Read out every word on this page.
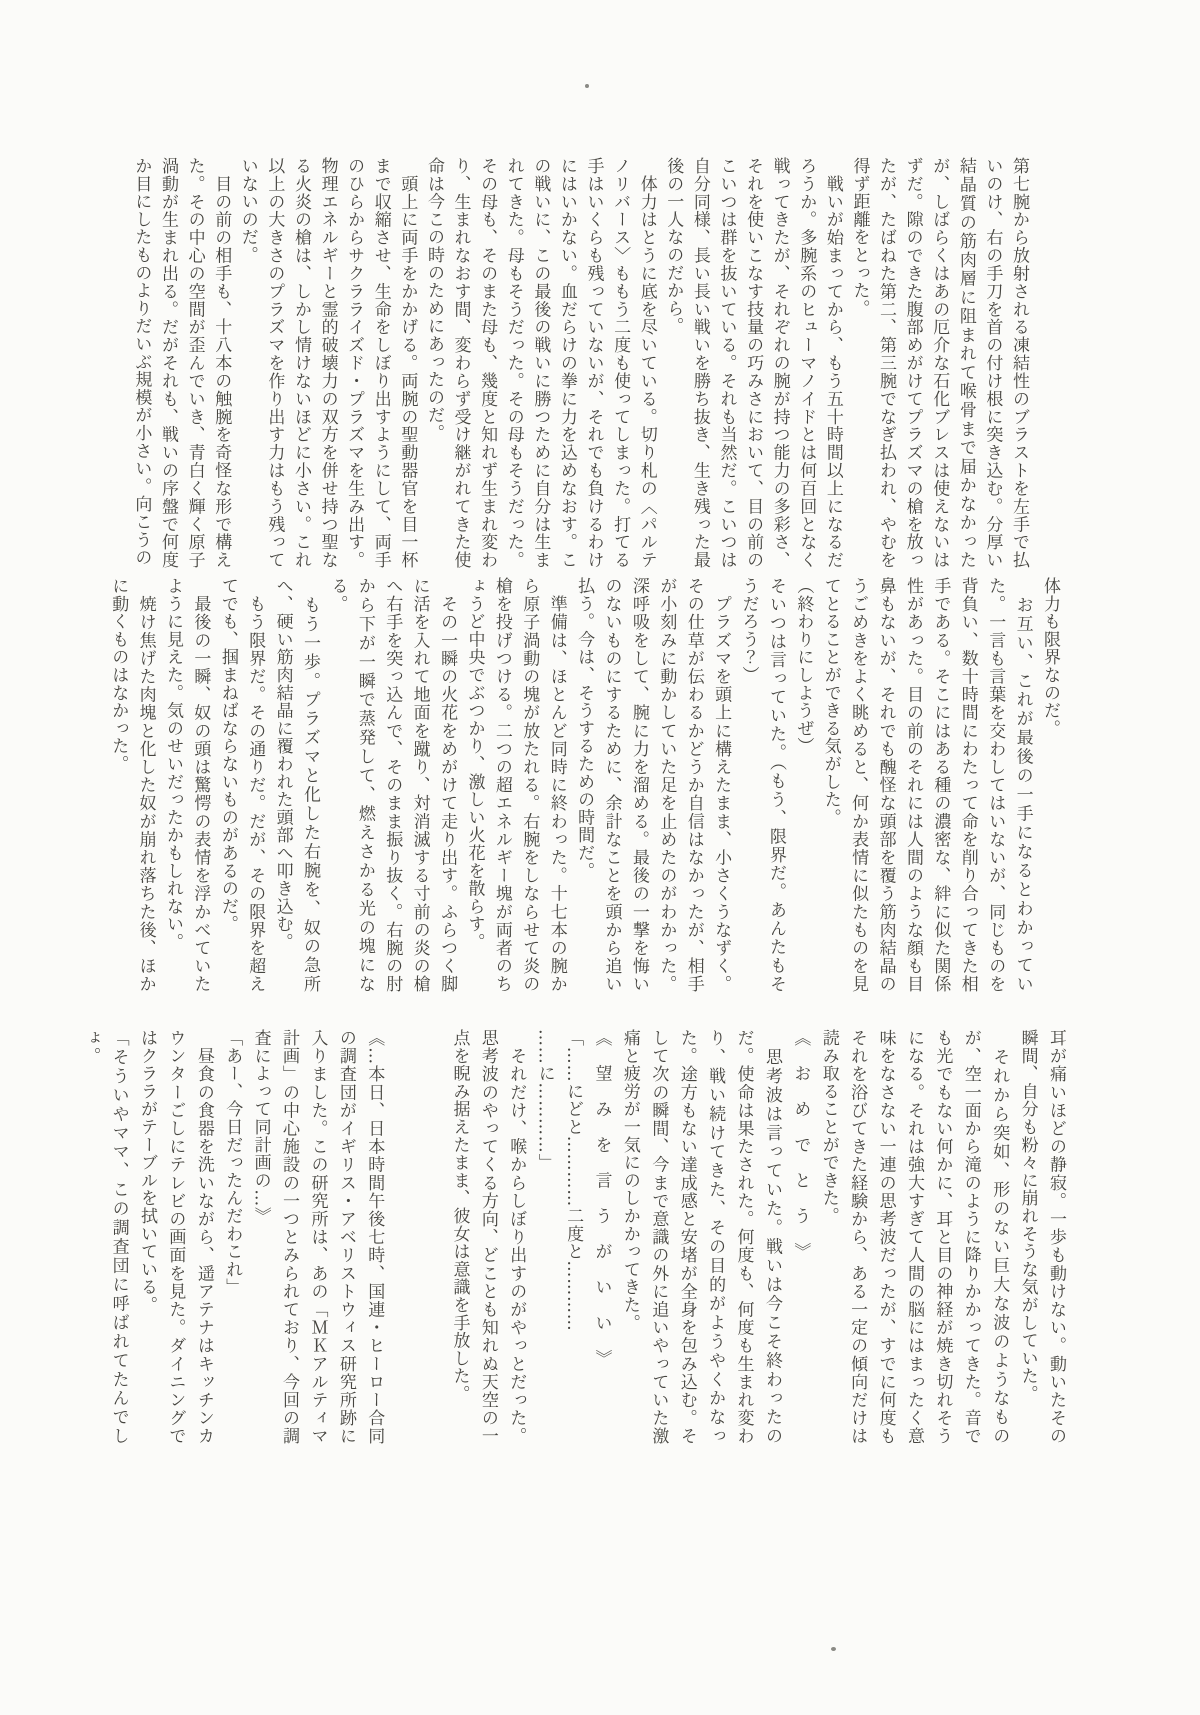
第七腕から放射される凍結性のブラストを左手で払いのけ、右の手刀を首の付け根に突き込む。分厚い結晶質の筋肉層に阻まれて喉骨まで届かなかったが、しばらくはあの厄介な石化ブレスは使えないはずだ。隙のできた腹部めがけてプラズマの槍を放ったが、たばねた第二、第三腕でなぎ払われ、やむを得ず距離をとった。

　戦いが始まってから、もう五十時間以上になるだろうか。多腕系のヒューマノイドとは何百回となく戦ってきたが、それぞれの腕が持つ能力の多彩さ、それを使いこなす技量の巧みさにおいて、目の前のこいつは群を抜いている。それも当然だ。こいつは自分同様、長い長い戦いを勝ち抜き、生き残った最後の一人なのだから。

　体力はとうに底を尽いている。切り札の〈パルテノリバース〉ももう二度も使ってしまった。打てる手はいくらも残っていないが、それでも負けるわけにはいかない。血だらけの拳に力を込めなおす。この戦いに、この最後の戦いに勝つために自分は生まれてきた。母もそうだった。その母もそうだった。その母も、そのまた母も、幾度と知れず生まれ変わり、生まれなおす間、変わらず受け継がれてきた使命は今この時のためにあったのだ。

　頭上に両手をかかげる。両腕の聖動器官を目一杯まで収縮させ、生命をしぼり出すようにして、両手のひらからサクラライズド・プラズマを生み出す。物理エネルギーと霊的破壊力の双方を併せ持つ聖なる火炎の槍は、しかし情けないほどに小さい。これ以上の大きさのプラズマを作り出す力はもう残っていないのだ。

　目の前の相手も、十八本の触腕を奇怪な形で構えた。その中心の空間が歪んでいき、青白く輝く原子渦動が生まれ出る。だがそれも、戦いの序盤で何度か目にしたものよりだいぶ規模が小さい。向こうの

体力も限界なのだ。

　お互い、これが最後の一手になるとわかっていた。一言も言葉を交わしてはいないが、同じものを背負い、数十時間にわたって命を削り合ってきた相手である。そこにはある種の濃密な、絆に似た関係性があった。目の前のそれには人間のような顔も目鼻もないが、それでも醜怪な頭部を覆う筋肉結晶のうごめきをよく眺めると、何か表情に似たものを見てとることができる気がした。

（終わりにしようぜ）

そいつは言っていた。（もう、限界だ。あんたもそうだろう？）

　プラズマを頭上に構えたまま、小さくうなずく。その仕草が伝わるかどうか自信はなかったが、相手が小刻みに動かしていた足を止めたのがわかった。深呼吸をして、腕に力を溜める。最後の一撃を悔いのないものにするために、余計なことを頭から追い払う。今は、そうするための時間だ。

　準備は、ほとんど同時に終わった。十七本の腕から原子渦動の塊が放たれる。右腕をしならせて炎の槍を投げつける。二つの超エネルギー塊が両者のちょうど中央でぶつかり、激しい火花を散らす。

　その一瞬の火花をめがけて走り出す。ふらつく脚に活を入れて地面を蹴り、対消滅する寸前の炎の槍へ右手を突っ込んで、そのまま振り抜く。右腕の肘から下が一瞬で蒸発して、燃えさかる光の塊になる。

　もう一歩。プラズマと化した右腕を、奴の急所へ、硬い筋肉結晶に覆われた頭部へ叩き込む。

　もう限界だ。その通りだ。だが、その限界を超えてでも、掴まねばならないものがあるのだ。

　最後の一瞬、奴の頭は驚愕の表情を浮かべていたように見えた。気のせいだったかもしれない。

　焼け焦げた肉塊と化した奴が崩れ落ちた後、ほかに動くものはなかった。

耳が痛いほどの静寂。一歩も動けない。動いたその瞬間、自分も粉々に崩れそうな気がしていた。

　それから突如、形のない巨大な波のようなものが、空一面から滝のように降りかかってきた。音でも光でもない何かに、耳と目の神経が焼き切れそうになる。それは強大すぎて人間の脳にはまったく意味をなさない一連の思考波だったが、すでに何度もそれを浴びてきた経験から、ある一定の傾向だけは読み取ることができた。

《　お　め　で　と　う　》

　思考波は言っていた。戦いは今こそ終わったのだ。使命は果たされた。何度も、何度も生まれ変わり、戦い続けてきた、その目的がようやくかなった。途方もない達成感と安堵が全身を包み込む。そして次の瞬間、今まで意識の外に追いやっていた激痛と疲労が一気にのしかかってきた。

《　望　み　を　言　う　が　い　い　》

「……にどと…………二度と…………

……に…………」

　それだけ、喉からしぼり出すのがやっとだった。思考波のやってくる方向、どことも知れぬ天空の一点を睨み据えたまま、彼女は意識を手放した。

《…本日、日本時間午後七時、国連・ヒーロー合同の調査団がイギリス・アベリストウィス研究所跡に入りました。この研究所は、あの「ＭＫアルティマ計画」の中心施設の一つとみられており、今回の調査によって同計画の…》

「あー、今日だったんだわこれ」

　昼食の食器を洗いながら、遥アテナはキッチンカウンターごしにテレビの画面を見た。ダイニングではクララがテーブルを拭いている。

「そういやママ、この調査団に呼ばれてたんでしょ。
